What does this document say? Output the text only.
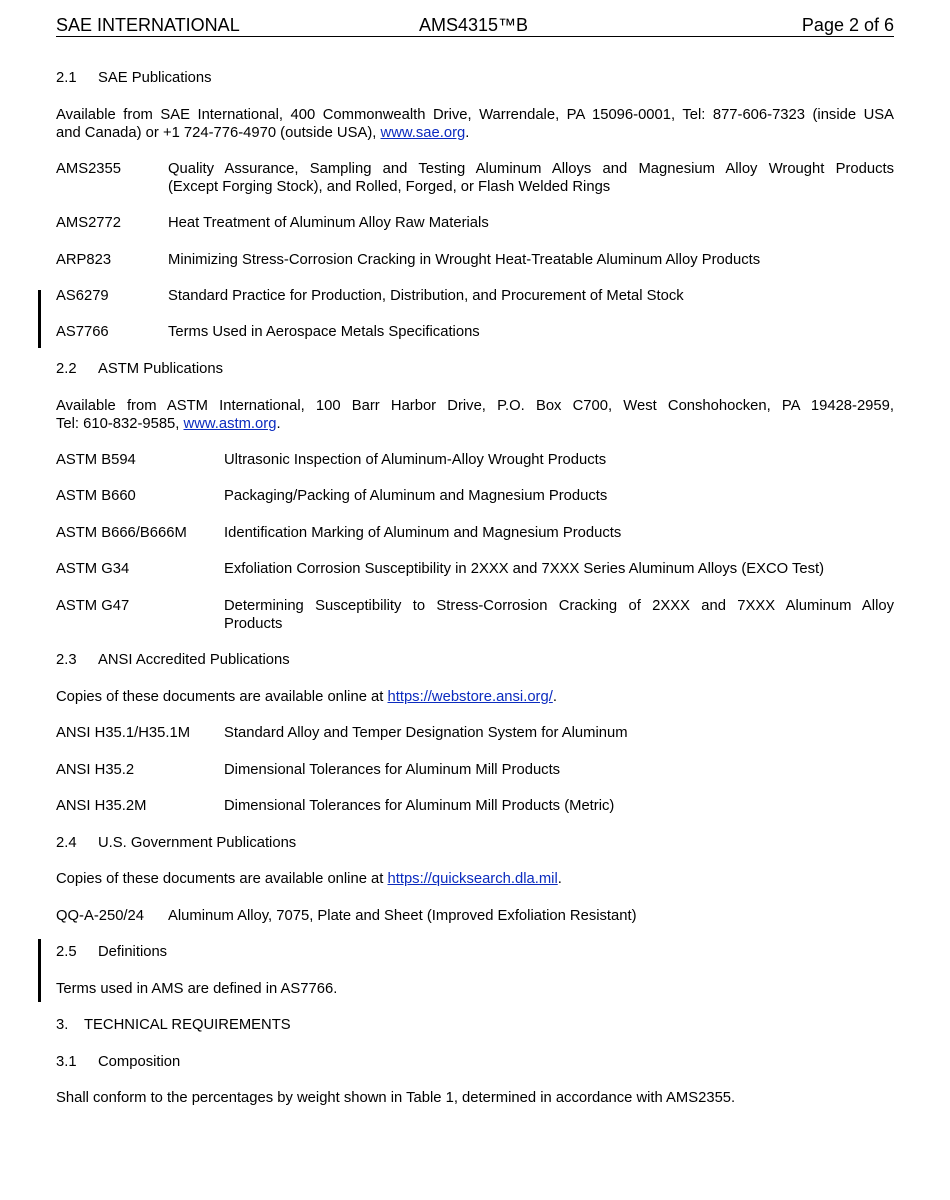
SAE INTERNATIONAL	AMS4315™B	Page 2 of 6
2.1 SAE Publications
Available from SAE International, 400 Commonwealth Drive, Warrendale, PA 15096-0001, Tel: 877-606-7323 (inside USA
and Canada) or +1 724-776-4970 (outside USA), www.sae.org.
AMS2355	Quality Assurance, Sampling and Testing Aluminum Alloys and Magnesium Alloy Wrought Products
(Except Forging Stock), and Rolled, Forged, or Flash Welded Rings
AMS2772	Heat Treatment of Aluminum Alloy Raw Materials
ARP823	Minimizing Stress-Corrosion Cracking in Wrought Heat-Treatable Aluminum Alloy Products
AS6279	Standard Practice for Production, Distribution, and Procurement of Metal Stock
AS7766	Terms Used in Aerospace Metals Specifications
2.2 ASTM Publications
Available from ASTM International, 100 Barr Harbor Drive, P.O. Box C700, West Conshohocken, PA 19428-2959,
Tel: 610-832-9585, www.astm.org.
ASTM B594	Ultrasonic Inspection of Aluminum-Alloy Wrought Products
ASTM B660	Packaging/Packing of Aluminum and Magnesium Products
ASTM B666/B666M	Identification Marking of Aluminum and Magnesium Products
ASTM G34	Exfoliation Corrosion Susceptibility in 2XXX and 7XXX Series Aluminum Alloys (EXCO Test)
ASTM G47	Determining Susceptibility to Stress-Corrosion Cracking of 2XXX and 7XXX Aluminum Alloy
Products
2.3 ANSI Accredited Publications
Copies of these documents are available online at https://webstore.ansi.org/.
ANSI H35.1/H35.1M Standard Alloy and Temper Designation System for Aluminum
ANSI H35.2	Dimensional Tolerances for Aluminum Mill Products
ANSI H35.2M	Dimensional Tolerances for Aluminum Mill Products (Metric)
2.4 U.S. Government Publications
Copies of these documents are available online at https://quicksearch.dla.mil.
QQ-A-250/24 Aluminum Alloy, 7075, Plate and Sheet (Improved Exfoliation Resistant)
2.5 Definitions
Terms used in AMS are defined in AS7766.
3. TECHNICAL REQUIREMENTS
3.1 Composition
Shall conform to the percentages by weight shown in Table 1, determined in accordance with AMS2355.
